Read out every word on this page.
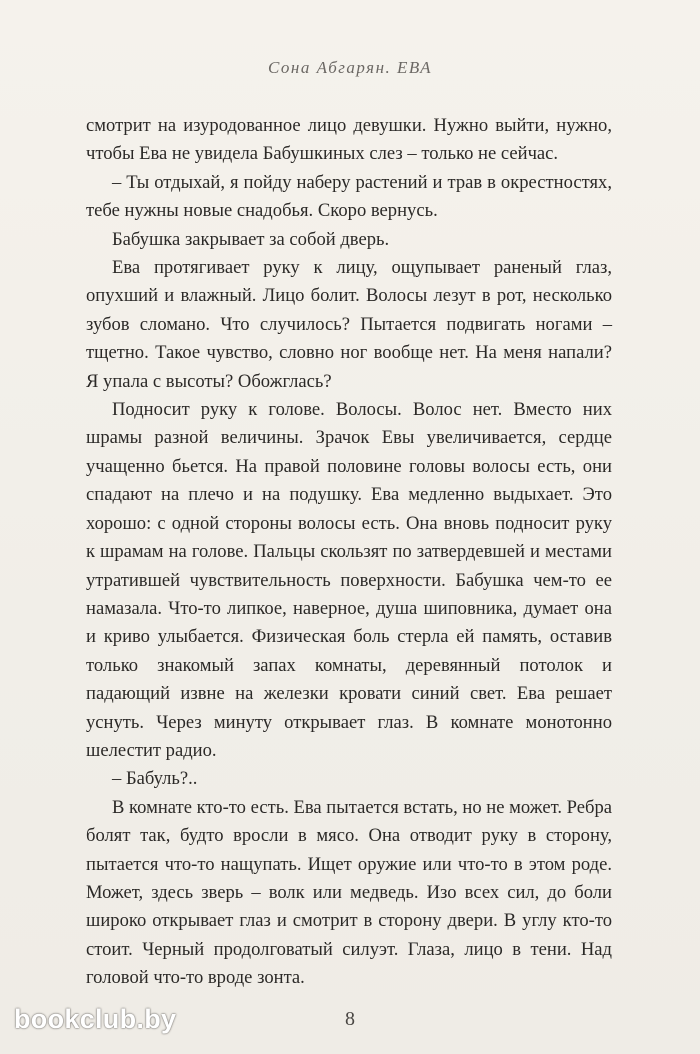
Сона Абгарян. ЕВА

смотрит на изуродованное лицо девушки. Нужно выйти, нужно, чтобы Ева не увидела Бабушкиных слез – только не сейчас.

– Ты отдыхай, я пойду наберу растений и трав в окрестностях, тебе нужны новые снадобья. Скоро вернусь.

Бабушка закрывает за собой дверь.

Ева протягивает руку к лицу, ощупывает раненый глаз, опухший и влажный. Лицо болит. Волосы лезут в рот, несколько зубов сломано. Что случилось? Пытается подвигать ногами – тщетно. Такое чувство, словно ног вообще нет. На меня напали? Я упала с высоты? Обожглась?

Подносит руку к голове. Волосы. Волос нет. Вместо них шрамы разной величины. Зрачок Евы увеличивается, сердце учащенно бьется. На правой половине головы волосы есть, они спадают на плечо и на подушку. Ева медленно выдыхает. Это хорошо: с одной стороны волосы есть. Она вновь подносит руку к шрамам на голове. Пальцы скользят по затвердевшей и местами утратившей чувствительность поверхности. Бабушка чем-то ее намазала. Что-то липкое, наверное, душа шиповника, думает она и криво улыбается. Физическая боль стерла ей память, оставив только знакомый запах комнаты, деревянный потолок и падающий извне на железки кровати синий свет. Ева решает уснуть. Через минуту открывает глаз. В комнате монотонно шелестит радио.

– Бабуль?..

В комнате кто-то есть. Ева пытается встать, но не может. Ребра болят так, будто вросли в мясо. Она отводит руку в сторону, пытается что-то нащупать. Ищет оружие или что-то в этом роде. Может, здесь зверь – волк или медведь. Изо всех сил, до боли широко открывает глаз и смотрит в сторону двери. В углу кто-то стоит. Черный продолговатый силуэт. Глаза, лицо в тени. Над головой что-то вроде зонта.

8
bookclub.by
